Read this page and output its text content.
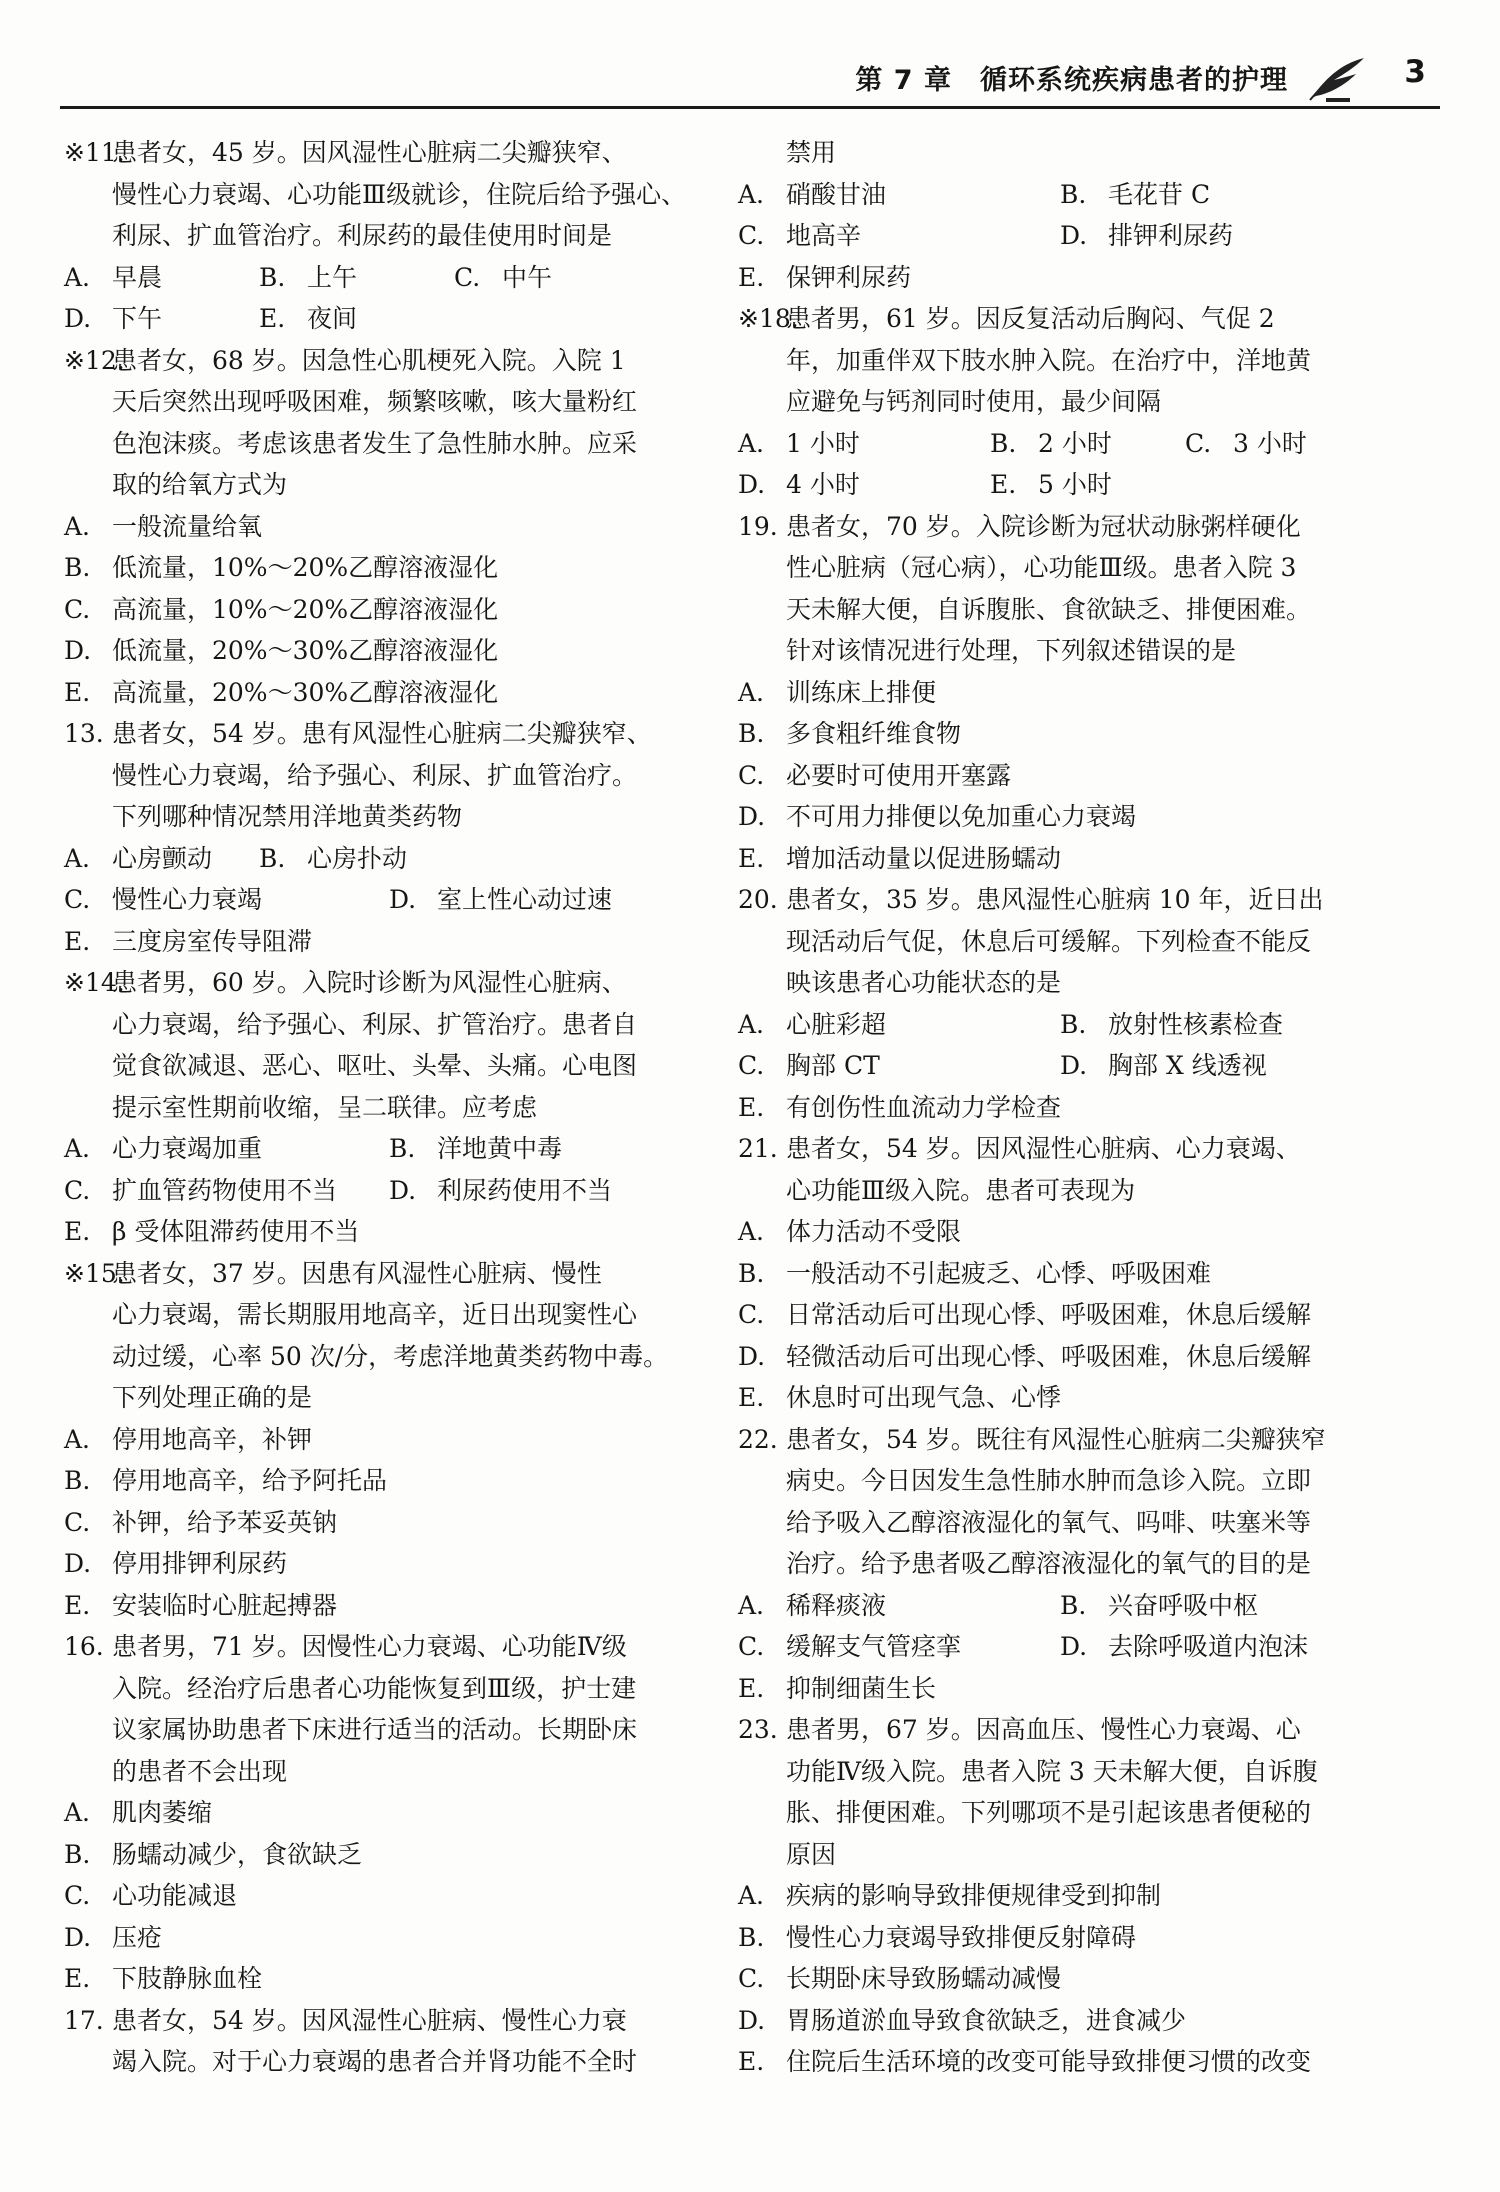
第 7 章　循环系统疾病患者的护理	3
※11.
患者女，45 岁。因风湿性心脏病二尖瓣狭窄、
慢性心力衰竭、心功能Ⅲ级就诊，住院后给予强心、
利尿、扩血管治疗。利尿药的最佳使用时间是
A. 早晨	B. 上午	C. 中午
D. 下午	E. 夜间
※12.
患者女，68 岁。因急性心肌梗死入院。入院 1
天后突然出现呼吸困难，频繁咳嗽，咳大量粉红
色泡沫痰。考虑该患者发生了急性肺水肿。应采
取的给氧方式为
A. 一般流量给氧
B. 低流量，10%～20%乙醇溶液湿化
C. 高流量，10%～20%乙醇溶液湿化
D. 低流量，20%～30%乙醇溶液湿化
E. 高流量，20%～30%乙醇溶液湿化
13. 患者女，54 岁。患有风湿性心脏病二尖瓣狭窄、
慢性心力衰竭，给予强心、利尿、扩血管治疗。
下列哪种情况禁用洋地黄类药物
A. 心房颤动	B. 心房扑动
C. 慢性心力衰竭	D. 室上性心动过速
E. 三度房室传导阻滞
※14.
患者男，60 岁。入院时诊断为风湿性心脏病、
心力衰竭，给予强心、利尿、扩管治疗。患者自
觉食欲减退、恶心、呕吐、头晕、头痛。心电图
提示室性期前收缩，呈二联律。应考虑
A. 心力衰竭加重	B. 洋地黄中毒
C. 扩血管药物使用不当	D. 利尿药使用不当
E. β 受体阻滞药使用不当
※15.
患者女，37 岁。因患有风湿性心脏病、慢性
心力衰竭，需长期服用地高辛，近日出现窦性心
动过缓，心率 50 次/分，考虑洋地黄类药物中毒。
下列处理正确的是
A. 停用地高辛，补钾
B. 停用地高辛，给予阿托品
C. 补钾，给予苯妥英钠
D. 停用排钾利尿药
E. 安装临时心脏起搏器
16. 患者男，71 岁。因慢性心力衰竭、心功能Ⅳ级
入院。经治疗后患者心功能恢复到Ⅲ级，护士建
议家属协助患者下床进行适当的活动。长期卧床
的患者不会出现
A. 肌肉萎缩
B. 肠蠕动减少，食欲缺乏
C. 心功能减退
D. 压疮
E. 下肢静脉血栓
17. 患者女，54 岁。因风湿性心脏病、慢性心力衰
竭入院。对于心力衰竭的患者合并肾功能不全时
禁用
A. 硝酸甘油	B. 毛花苷 C
C. 地高辛	D. 排钾利尿药
E. 保钾利尿药
※18.
患者男，61 岁。因反复活动后胸闷、气促 2
年，加重伴双下肢水肿入院。在治疗中，洋地黄
应避免与钙剂同时使用，最少间隔
A. 1 小时	B. 2 小时	C. 3 小时
D. 4 小时	E. 5 小时
19. 患者女，70 岁。入院诊断为冠状动脉粥样硬化
性心脏病（冠心病），心功能Ⅲ级。患者入院 3
天未解大便，自诉腹胀、食欲缺乏、排便困难。
针对该情况进行处理，下列叙述错误的是
A. 训练床上排便
B. 多食粗纤维食物
C. 必要时可使用开塞露
D. 不可用力排便以免加重心力衰竭
E. 增加活动量以促进肠蠕动
20. 患者女，35 岁。患风湿性心脏病 10 年，近日出
现活动后气促，休息后可缓解。下列检查不能反
映该患者心功能状态的是
A. 心脏彩超	B. 放射性核素检查
C. 胸部 CT	D. 胸部 X 线透视
E. 有创伤性血流动力学检查
21. 患者女，54 岁。因风湿性心脏病、心力衰竭、
心功能Ⅲ级入院。患者可表现为
A. 体力活动不受限
B. 一般活动不引起疲乏、心悸、呼吸困难
C. 日常活动后可出现心悸、呼吸困难，休息后缓解
D. 轻微活动后可出现心悸、呼吸困难，休息后缓解
E. 休息时可出现气急、心悸
22. 患者女，54 岁。既往有风湿性心脏病二尖瓣狭窄
病史。今日因发生急性肺水肿而急诊入院。立即
给予吸入乙醇溶液湿化的氧气、吗啡、呋塞米等
治疗。给予患者吸乙醇溶液湿化的氧气的目的是
A. 稀释痰液	B. 兴奋呼吸中枢
C. 缓解支气管痉挛	D. 去除呼吸道内泡沫
E. 抑制细菌生长
23. 患者男，67 岁。因高血压、慢性心力衰竭、心
功能Ⅳ级入院。患者入院 3 天未解大便，自诉腹
胀、排便困难。下列哪项不是引起该患者便秘的
原因
A. 疾病的影响导致排便规律受到抑制
B. 慢性心力衰竭导致排便反射障碍
C. 长期卧床导致肠蠕动减慢
D. 胃肠道淤血导致食欲缺乏，进食减少
E. 住院后生活环境的改变可能导致排便习惯的改变
